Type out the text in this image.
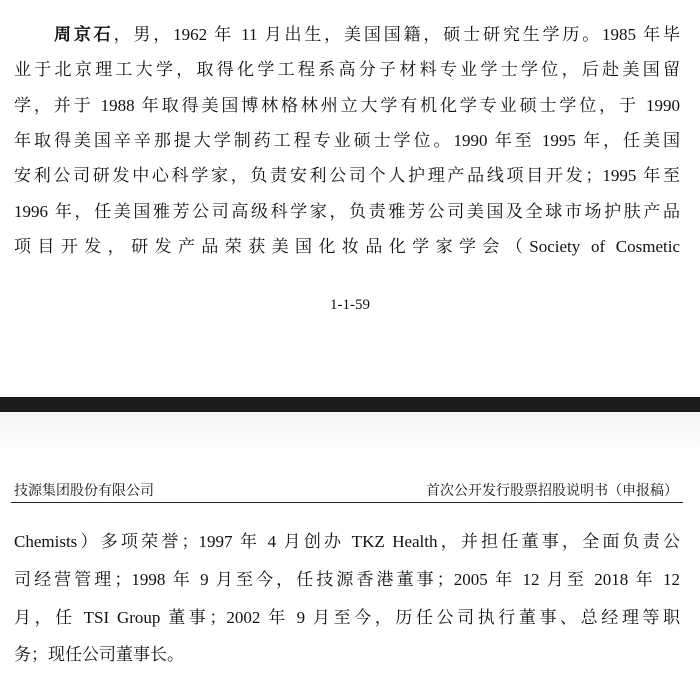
周京石，男，1962 年 11 月出生，美国国籍，硕士研究生学历。1985 年毕
业于北京理工大学，取得化学工程系高分子材料专业学士学位，后赴美国留
学，并于 1988 年取得美国博林格林州立大学有机化学专业硕士学位，于 1990
年取得美国辛辛那提大学制药工程专业硕士学位。1990 年至 1995 年，任美国
安利公司研发中心科学家，负责安利公司个人护理产品线项目开发；1995 年至
1996 年，任美国雅芳公司高级科学家，负责雅芳公司美国及全球市场护肤产品
项目开发，研发产品荣获美国化妆品化学家学会（Society of Cosmetic
1-1-59
技源集团股份有限公司	首次公开发行股票招股说明书（申报稿）
Chemists）多项荣誉；1997 年 4 月创办 TKZ Health，并担任董事，全面负责公
司经营管理；1998 年 9 月至今，任技源香港董事；2005 年 12 月至 2018 年 12
月，任 TSI Group 董事；2002 年 9 月至今，历任公司执行董事、总经理等职
务；现任公司董事长。
